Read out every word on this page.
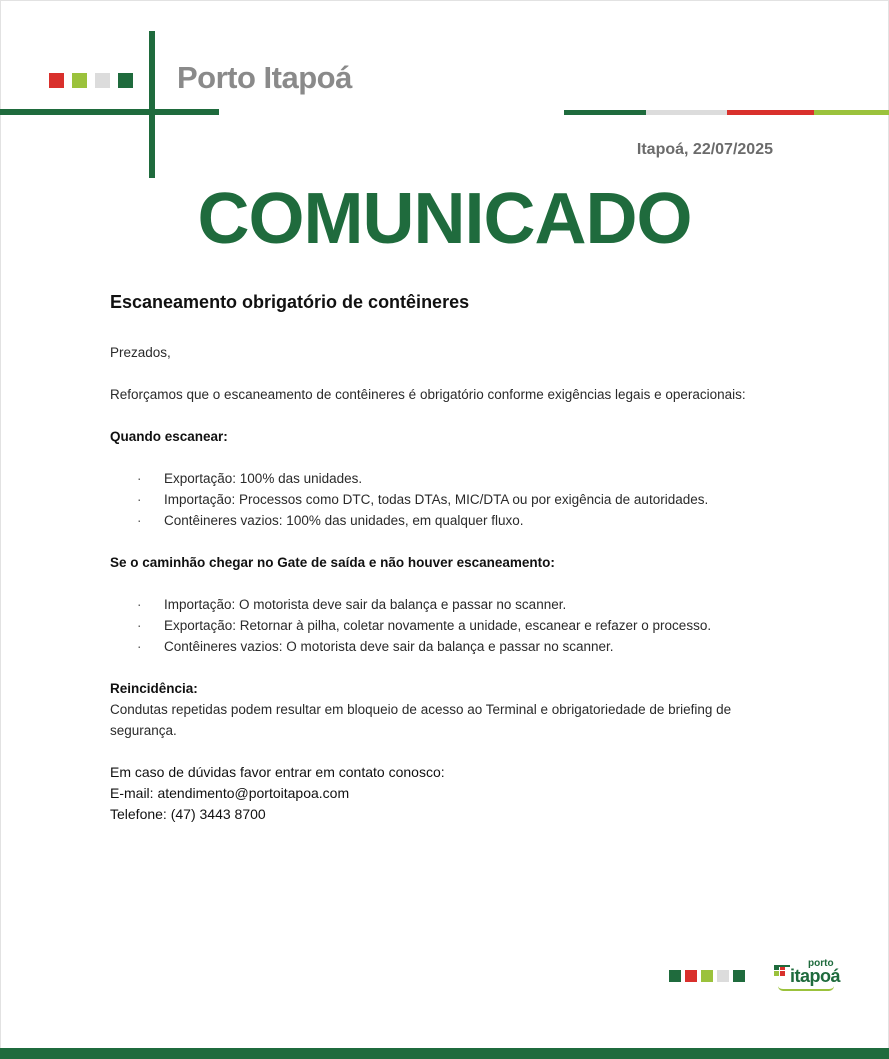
Porto Itapoá
Itapoá, 22/07/2025
COMUNICADO
Escaneamento obrigatório de contêineres

Prezados,

Reforçamos que o escaneamento de contêineres é obrigatório conforme exigências legais e operacionais:

Quando escanear:

· Exportação: 100% das unidades.
· Importação: Processos como DTC, todas DTAs, MIC/DTA ou por exigência de autoridades.
· Contêineres vazios: 100% das unidades, em qualquer fluxo.

Se o caminhão chegar no Gate de saída e não houver escaneamento:

· Importação: O motorista deve sair da balança e passar no scanner.
· Exportação: Retornar à pilha, coletar novamente a unidade, escanear e refazer o processo.
· Contêineres vazios: O motorista deve sair da balança e passar no scanner.

Reincidência:

Condutas repetidas podem resultar em bloqueio de acesso ao Terminal e obrigatoriedade de briefing de segurança.

Em caso de dúvidas favor entrar em contato conosco:

E-mail: atendimento@portoitapoa.com

Telefone: (47) 3443 8700

porto
itapoá
